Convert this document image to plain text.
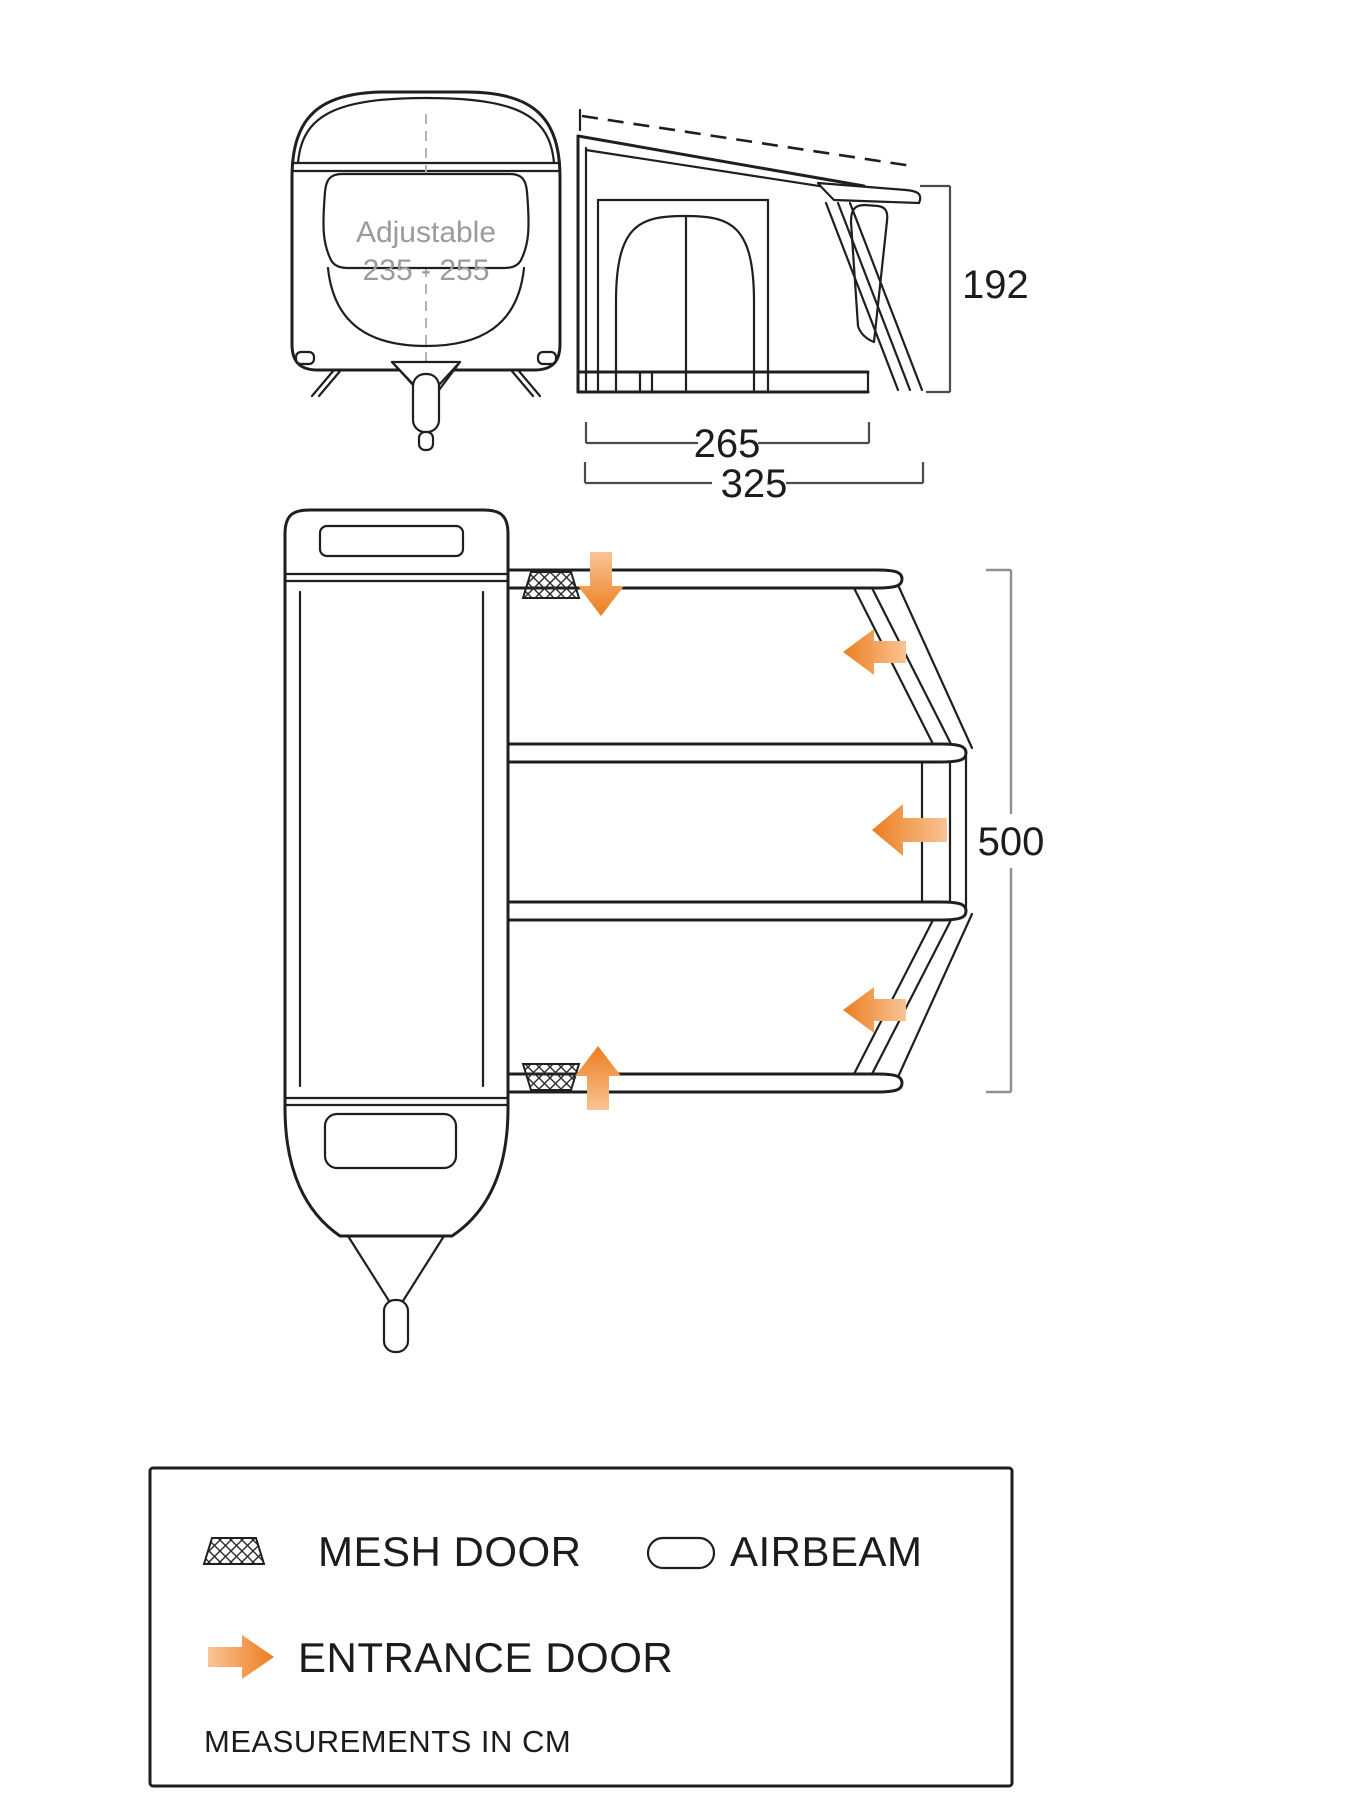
Adjustable
235 - 255	192
265
325
500
MESH DOOR	AIRBEAM
ENTRANCE DOOR
MEASUREMENTS IN CM
